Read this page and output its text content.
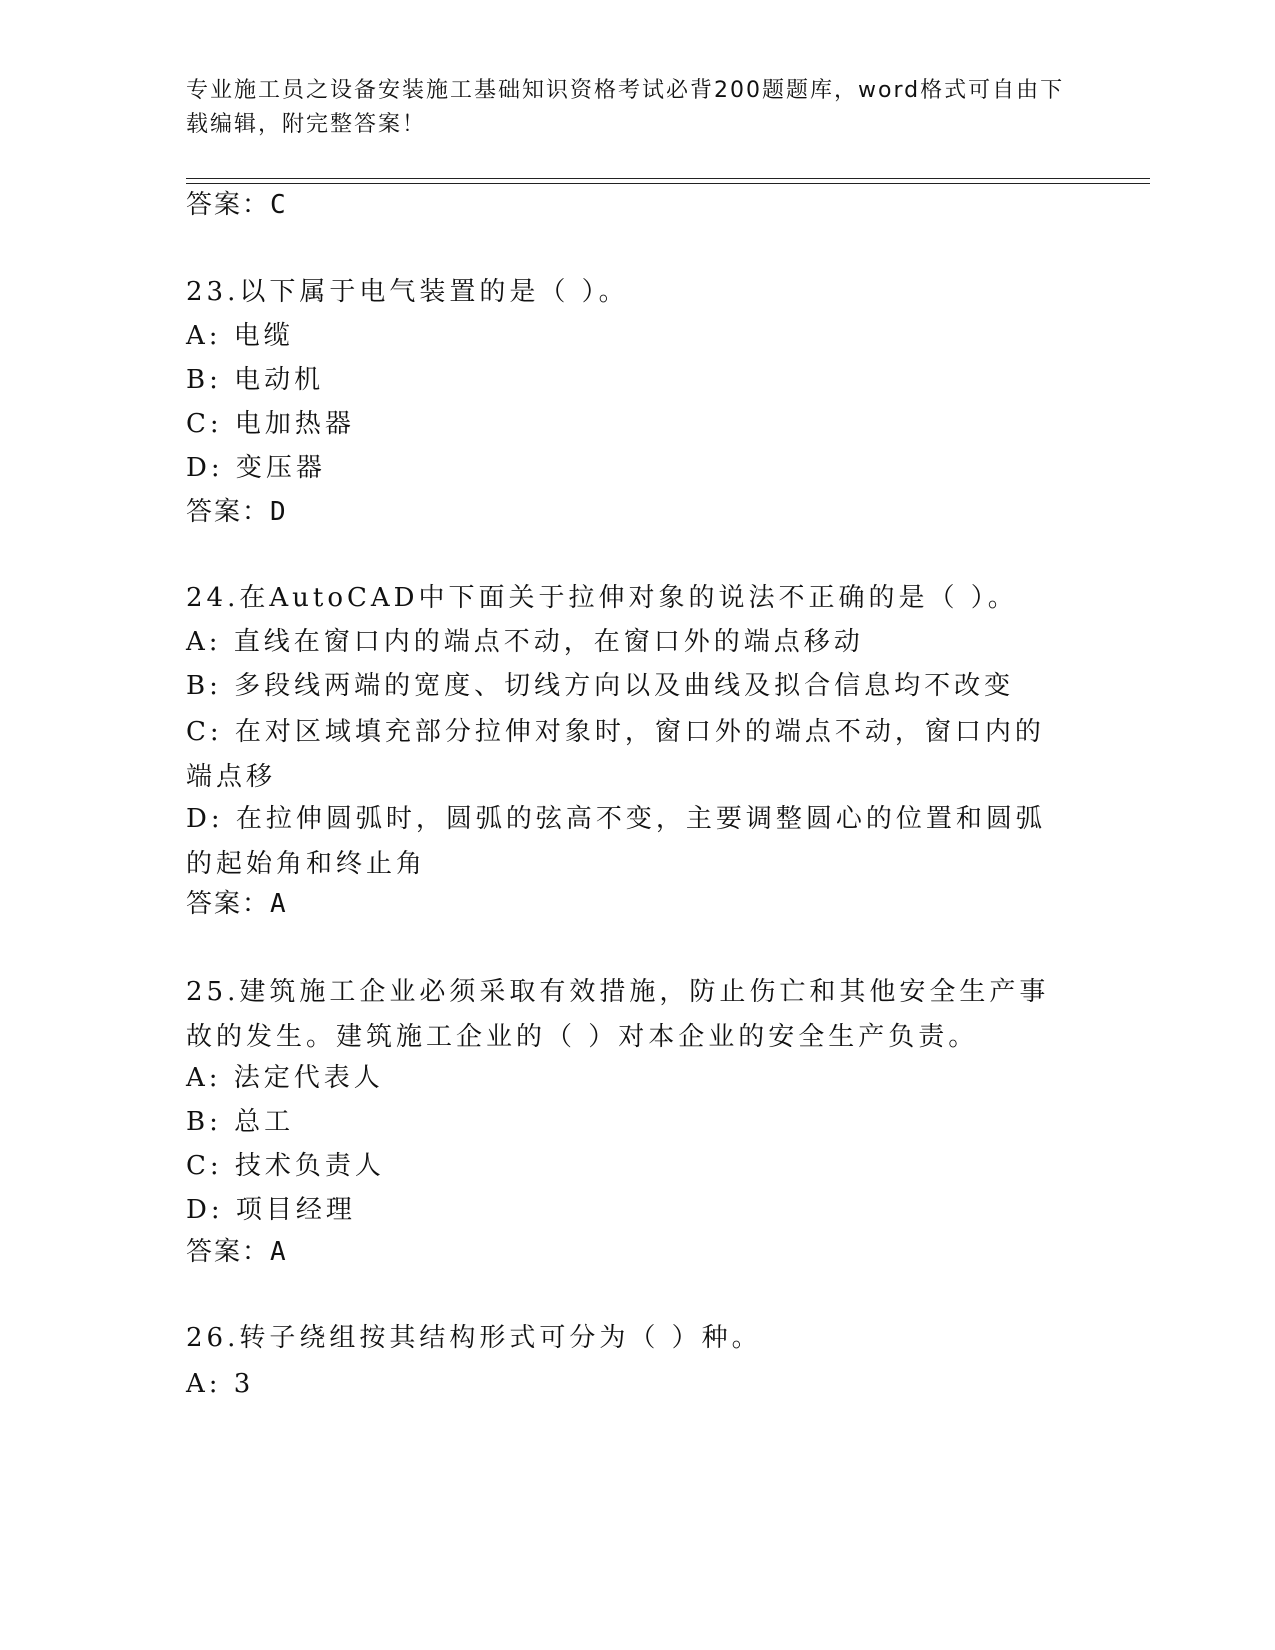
专业施工员之设备安装施工基础知识资格考试必背200题题库，word格式可自由下载编辑，附完整答案！
答案：C
23.以下属于电气装置的是（ ）。
A: 电缆
B: 电动机
C: 电加热器
D: 变压器
答案：D
24.在AutoCAD中下面关于拉伸对象的说法不正确的是（ ）。
A: 直线在窗口内的端点不动，在窗口外的端点移动
B: 多段线两端的宽度、切线方向以及曲线及拟合信息均不改变
C: 在对区域填充部分拉伸对象时，窗口外的端点不动，窗口内的端点移
D: 在拉伸圆弧时，圆弧的弦高不变，主要调整圆心的位置和圆弧的起始角和终止角
答案：A
25.建筑施工企业必须采取有效措施，防止伤亡和其他安全生产事故的发生。建筑施工企业的（ ）对本企业的安全生产负责。
A: 法定代表人
B: 总工
C: 技术负责人
D: 项目经理
答案：A
26.转子绕组按其结构形式可分为（ ）种。
A: 3
